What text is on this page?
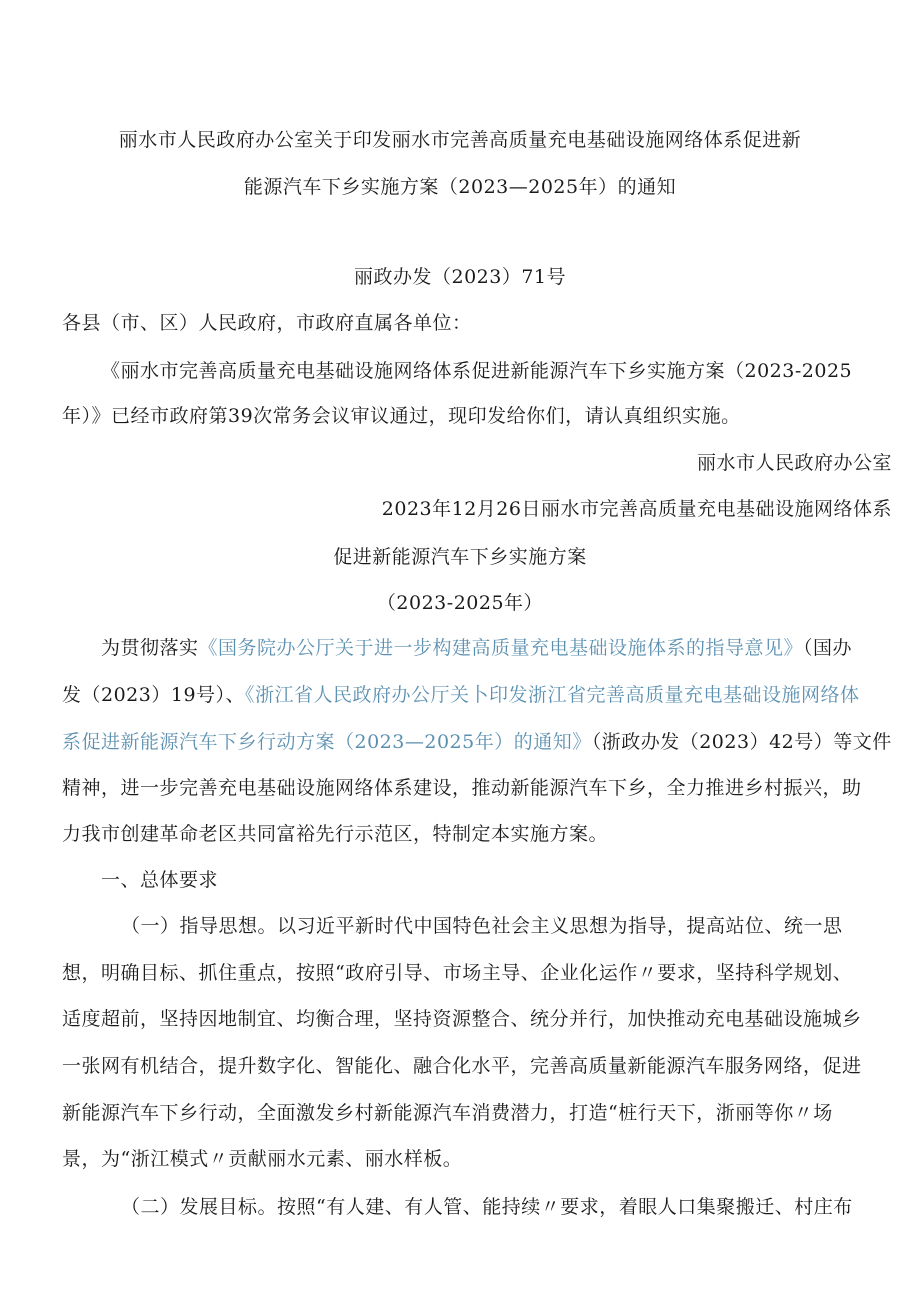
丽水市人民政府办公室关于印发丽水市完善高质量充电基础设施网络体系促进新
能源汽车下乡实施方案（2023—2025年）的通知
丽政办发（2023）71号
各县（市、区）人民政府，市政府直属各单位：
《丽水市完善高质量充电基础设施网络体系促进新能源汽车下乡实施方案（2023-2025
年）》已经市政府第39次常务会议审议通过，现印发给你们，请认真组织实施。
丽水市人民政府办公室
2023年12月26日丽水市完善高质量充电基础设施网络体系
促进新能源汽车下乡实施方案
（2023-2025年）
为贯彻落实《国务院办公厅关于进一步构建高质量充电基础设施体系的指导意见》（国办
发（2023）19号）、《浙江省人民政府办公厅关卜印发浙江省完善高质量充电基础设施网络体
系促进新能源汽车下乡行动方案（2023—2025年）的通知》（浙政办发（2023）42号）等文件
精神，进一步完善充电基础设施网络体系建设，推动新能源汽车下乡，全力推进乡村振兴，助
力我市创建革命老区共同富裕先行示范区，特制定本实施方案。
一、总体要求
（一）指导思想。以习近平新时代中国特色社会主义思想为指导，提高站位、统一思
想，明确目标、抓住重点，按照“政府引导、市场主导、企业化运作〃要求，坚持科学规划、
适度超前，坚持因地制宜、均衡合理，坚持资源整合、统分并行，加快推动充电基础设施城乡
一张网有机结合，提升数字化、智能化、融合化水平，完善高质量新能源汽车服务网络，促进
新能源汽车下乡行动，全面激发乡村新能源汽车消费潜力，打造“桩行天下，浙丽等你〃场
景，为“浙江模式〃贡献丽水元素、丽水样板。
（二）发展目标。按照“有人建、有人管、能持续〃要求，着眼人口集聚搬迁、村庄布
